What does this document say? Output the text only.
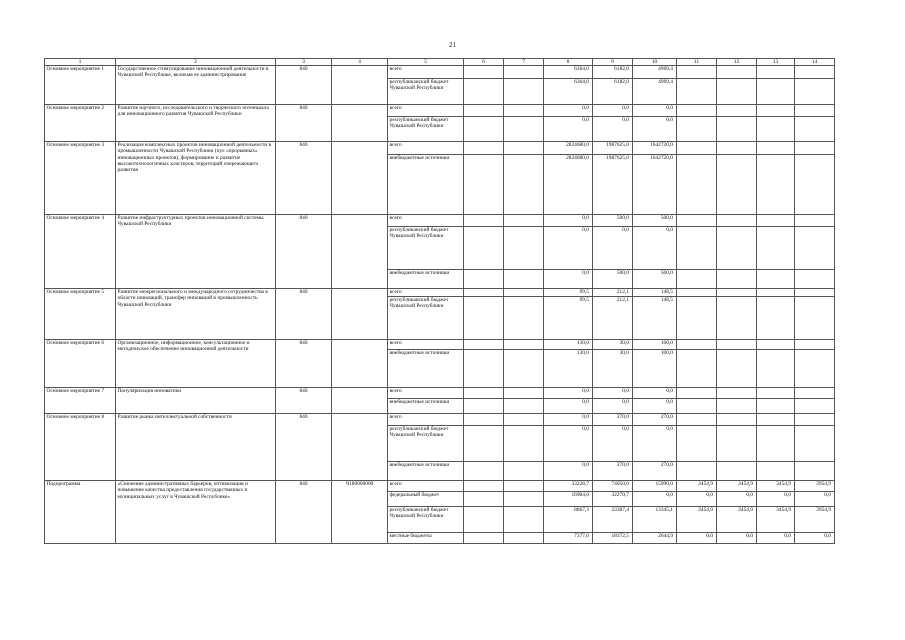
21
1	2	3	4	5	6	7	8	9	10	11	12	13	14
Основное мероприятие 1	Государственное стимулирование инновационной деятельности в Чувашской Республике, включая ее администрирование	840		всего			6364,0	6182,0	4909,4				
				республиканский бюджет Чувашской Республики			6364,0	6182,0	4909,4				
Основное мероприятие 2	Развитие научного, исследовательского и творческого потенциала для инновационного развития Чувашской Республики	840		всего			0,0	0,0	0,0				
				республиканский бюджет Чувашской Республики			0,0	0,0	0,0				
Основное мероприятие 3	Реализация комплексных проектов инновационной деятельности в промышленности Чувашской Республики (пул «прорывных» инновационных проектов), формирование и развитие высокотехнологичных кластеров, территорий опережающего развития	840		всего			2824680,0	1987625,0	1642720,0				
				внебюджетные источники			2824680,0	1987625,0	1642720,0				
Основное мероприятие 4	Развитие инфраструктурных проектов инновационной системы Чувашской Республики	840		всего			0,0	500,0	500,0				
				республиканский бюджет Чувашской Республики			0,0	0,0	0,0				
				внебюджетные источники			0,0	500,0	500,0				
Основное мероприятие 5	Развитие межрегионального и международного сотрудничества в области инноваций, трансфер инноваций в промышленность Чувашской Республики	840		всего			99,5	212,1	148,5				
				республиканский бюджет Чувашской Республики			99,5	212,1	148,5				
Основное мероприятие 6	Организационное, информационное, консультационное и методическое обеспечение инновационной деятельности	840		всего			130,0	30,0	100,0				
				внебюджетные источники			130,0	30,0	100,0				
Основное мероприятие 7	Популяризация инноватики	840		всего			0,0	0,0	0,0				
				внебюджетные источники			0,0	0,0	0,0				
Основное мероприятие 8	Развитие рынка интеллектуальной собственности	840		всего			0,0	270,0	270,0				
				республиканский бюджет Чувашской Республики			0,0	0,0	0,0				
				внебюджетные источники			0,0	270,0	270,0				
Подпрограмма	«Снижение административных барьеров, оптимизация и повышение качества предоставления государственных и муниципальных услуг в Чувашской Республике»	840	Ч180000000	всего			33228,7	74050,6	15990,0	3454,9	3454,9	3454,9	3954,9
				федеральный бюджет			16984,6	32270,7	0,0	0,0	0,0	0,0	0,0
				республиканский бюджет Чувашской Республики			8867,3	23387,4	13345,1	3454,9	3454,9	3454,9	3954,9
				местные бюджеты			7377,0	18372,5	2644,9	0,0	0,0	0,0	0,0
